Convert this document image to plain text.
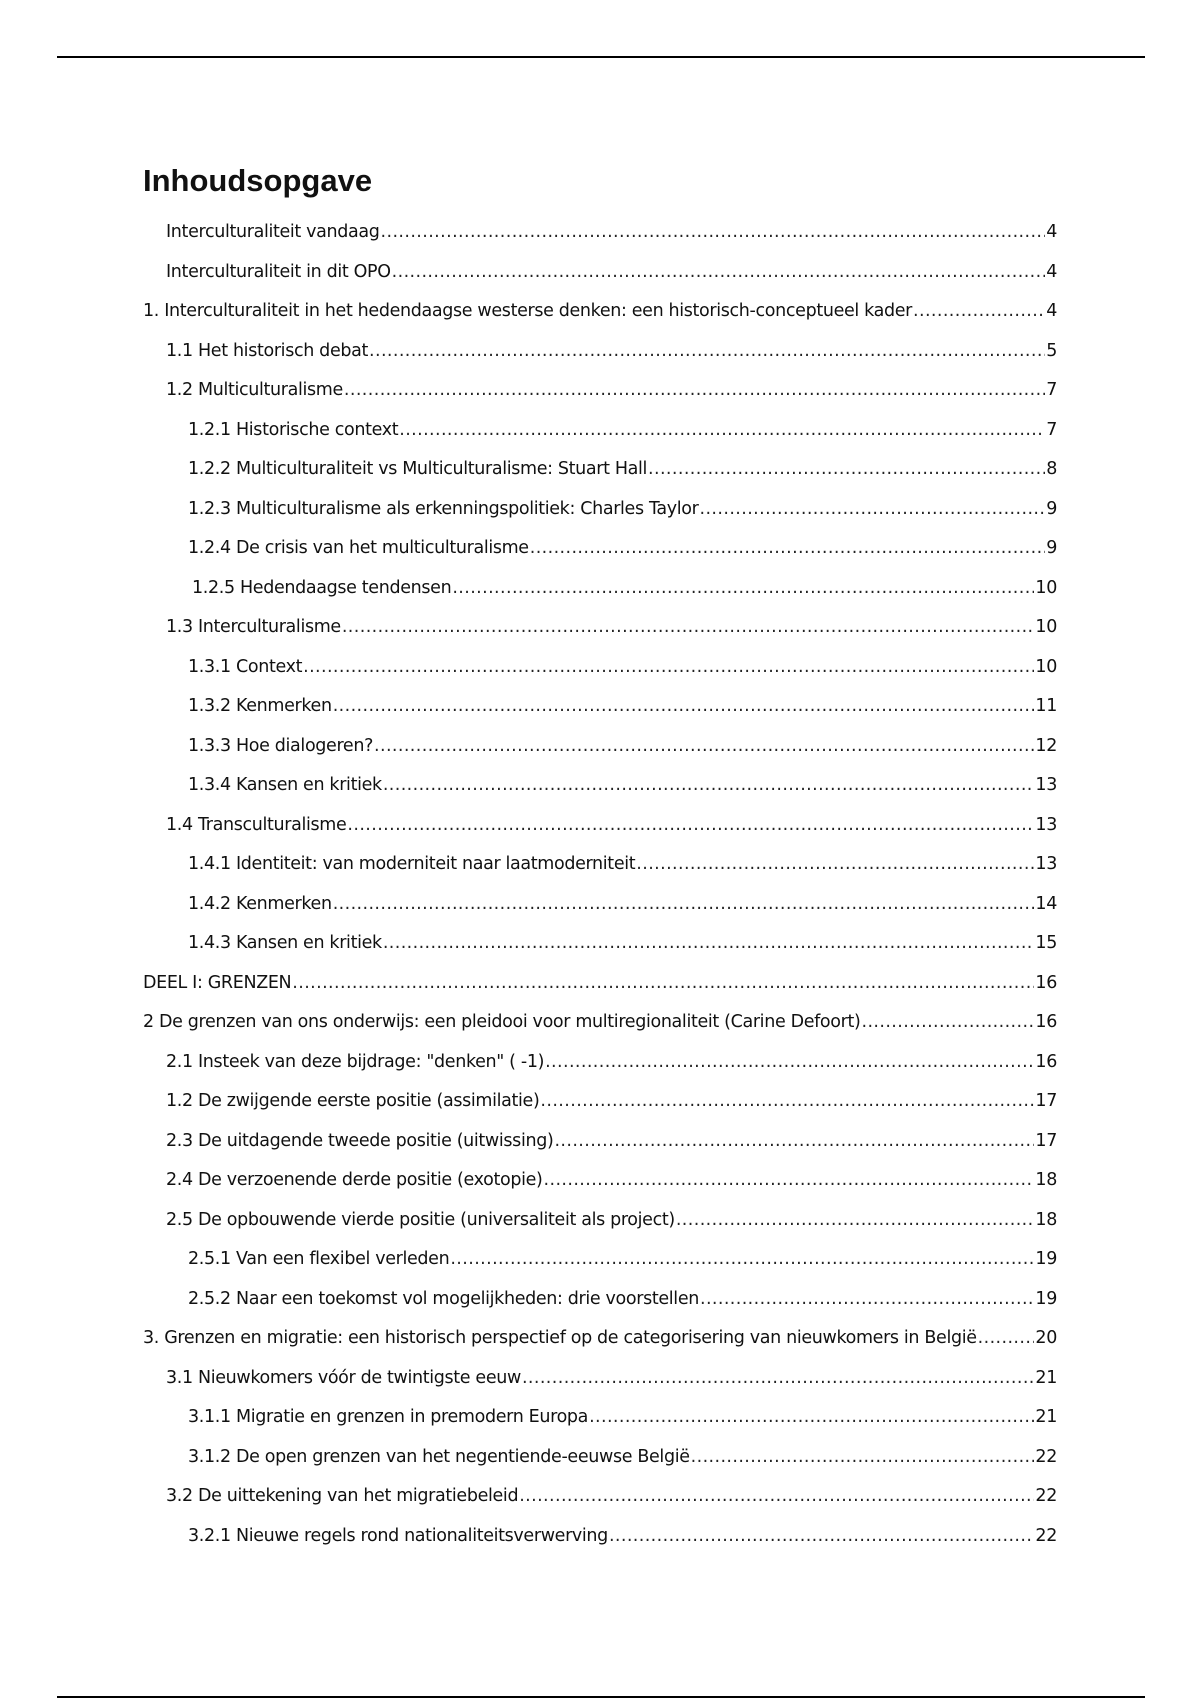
Inhoudsopgave
Interculturaliteit vandaag .....	4
Interculturaliteit in dit OPO .....	4
1. Interculturaliteit in het hedendaagse westerse denken: een historisch-conceptueel kader .....	4
1.1 Het historisch debat .....	5
1.2 Multiculturalisme .....	7
1.2.1 Historische context .....	7
1.2.2 Multiculturaliteit vs Multiculturalisme: Stuart Hall .....	8
1.2.3 Multiculturalisme als erkenningspolitiek: Charles Taylor .....	9
1.2.4 De crisis van het multiculturalisme .....	9
1.2.5 Hedendaagse tendensen .....	10
1.3 Interculturalisme .....	10
1.3.1 Context .....	10
1.3.2 Kenmerken .....	11
1.3.3 Hoe dialogeren? .....	12
1.3.4 Kansen en kritiek .....	13
1.4 Transculturalisme .....	13
1.4.1 Identiteit: van moderniteit naar laatmoderniteit .....	13
1.4.2 Kenmerken .....	14
1.4.3 Kansen en kritiek .....	15
DEEL I: GRENZEN .....	16
2 De grenzen van ons onderwijs: een pleidooi voor multiregionaliteit (Carine Defoort) .....	16
2.1 Insteek van deze bijdrage: "denken" ( -1) .....	16
1.2 De zwijgende eerste positie (assimilatie) .....	17
2.3 De uitdagende tweede positie (uitwissing) .....	17
2.4 De verzoenende derde positie (exotopie) .....	18
2.5 De opbouwende vierde positie (universaliteit als project) .....	18
2.5.1 Van een flexibel verleden .....	19
2.5.2 Naar een toekomst vol mogelijkheden: drie voorstellen .....	19
3. Grenzen en migratie: een historisch perspectief op de categorisering van nieuwkomers in België .....	20
3.1 Nieuwkomers vóór de twintigste eeuw .....	21
3.1.1 Migratie en grenzen in premodern Europa .....	21
3.1.2 De open grenzen van het negentiende-eeuwse België .....	22
3.2 De uittekening van het migratiebeleid .....	22
3.2.1 Nieuwe regels rond nationaliteitsverwerving .....	22
